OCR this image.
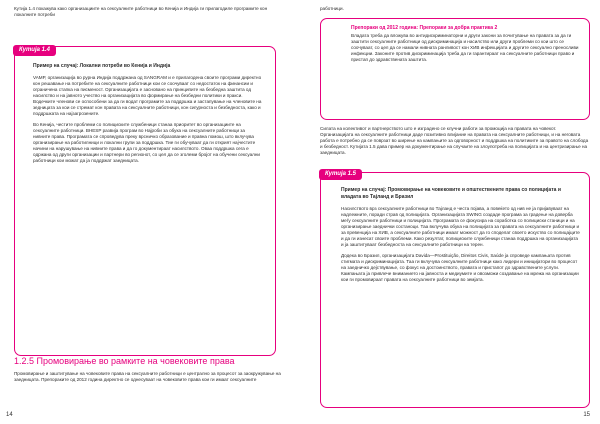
Кутија 1.4 покажува како организациите на сексуалните работници во Кенија и Индија ги прилагодиле програмите кон локалните потреби

Кутија 1.4

Пример на случај: Локални потреби во Кенија и Индија

VAMP, организација во рурна Индија поддржана од SANGRAM и е прилагодена своите програми директно кон решавање на потребите на сексуалните работници кои се соочуваат со недостаток на финансии и ограничена стапка на писменост. Организацијата е засновано на принципите на безбедна заштита од насилство и на јавното учество на организацијата во формирање на безбедни политики и пракси. Водечките членови се оспособени за да ги водат програмите за поддршка и застапување на членовите на зедницата за кои се стремат кон правата на сексуалните работници, кон сигурноста и безбедноста, како и поддршката на најзагрозените.

Во Кенија, честите проблеми со полициските службеници станаа приоритет во организациите на сексуалните работници. BHESP развија програм во Најроби за обука на сексуалните работници за нивните права. Програмата се спроведува преку врсничко образование и правна помош, што вклучува организирање на работилници и локални групи за поддршка. Тие ги обучуваат да ги открият најчестите начини на нарушување на нивните права и да го документираат насилството. Оваа поддршка сега е одржана од други организации и партнери во регионот, со цел да се зголеми бројот на обучени сексуални работници кои можат да ја поддржат заедницата.

1.2.5 Промовирање во рамките на човековите права

Промовирање и заштитување на човековите права на сексуалните работници е централно за процесот за заокружување на заедницата. Препораките од 2012 година директно се однесуваат на човековите права кои ги имаат сексуалните

14

работници.

Препораки од 2012 година: Препораки за добра практика 2

Владата треба да вложува во антидискриминаторни и други закони за почитување на правата за да ги заштити сексуалните работници од дискриминација и насилство или други проблеми со кои што се соочуваат, со цел да се намали нивната ранливост кон ХИВ инфекцијата и другите сексуално преносливи инфекции. Законите против дискриминација треба да ги гарантираат на сексуалните работници право и пристап до здравствената заштита.

Силата на колективот и партнерството што е изградено се клучни работи за промоција на правата на човекот. Организацијата на сексуалните работници даде позитивно влијание на правата на сексуалните работници, и на неговата работа е потребно да се поврзат во ширење на кампањите за одговорност и поддршка на политиките за правото на слобода и безбедност. Кутијата 1.5 дава пример на документирање на случаите на злоупотреба на полицијата и на центризирање на заедницата.

Кутија 1.5

Пример на случај: Промовирање на човековите и општествените права со полицијата и владата во Тајланд и Бразил

Насилството врз сексуалните работници во Тајланд е честа појава, а повеќето од нив не ја пријавуваат на надлежните, поради страв од полицијата. Организацијата SWING создаде програма за градење на доверба меѓу сексуалните работници и полицијата. Програмата се фокусира на соработка со полициски станици и на организирање заеднички состаноци. Таа вклучува обука на полицијата за правата на сексуалните работници и за превенција на ХИВ, а сексуалните работници имаат можност да го споделат своето искуство со полицајците и да ги изнесат своите проблеми. Како резултат, полициските службеници станаа поддршка на организацијата и ја заштитуваат безбедноста на сексуалните работници на терен.

Додека во Бразил, организацијата Davida—Prostituição, Direitos Civis, Saúde ја спроведе кампањата против стигмата и дискриминацијата. Таа ги вклучува сексуалните работници како лидери и иницијатори во процесот на заедничко дејствување, со фокус на достоинството, правата и пристапот до здравствените услуги. Кампањата ја привлече вниманието на јавноста и медиумите и овозможи создавање на мрежа на организации кои ги промовираат правата на сексуалните работници во земјата.

15
